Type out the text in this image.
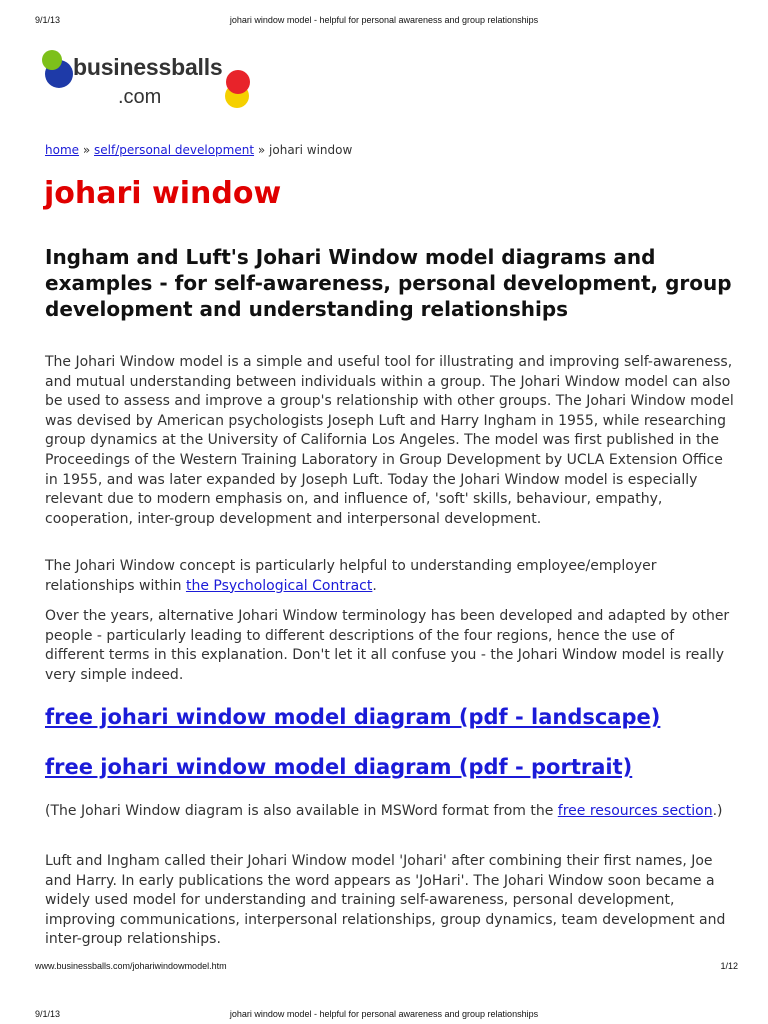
9/1/13	johari window model - helpful for personal awareness and group relationships
businessballs
.com
home » self/personal development » johari window
johari window
Ingham and Luft's Johari Window model diagrams and examples - for self-awareness, personal development, group development and understanding relationships

The Johari Window model is a simple and useful tool for illustrating and improving self-awareness, and mutual understanding between individuals within a group. The Johari Window model can also be used to assess and improve a group's relationship with other groups. The Johari Window model was devised by American psychologists Joseph Luft and Harry Ingham in 1955, while researching group dynamics at the University of California Los Angeles. The model was first published in the Proceedings of the Western Training Laboratory in Group Development by UCLA Extension Office in 1955, and was later expanded by Joseph Luft. Today the Johari Window model is especially relevant due to modern emphasis on, and influence of, 'soft' skills, behaviour, empathy, cooperation, inter-group development and interpersonal development.

The Johari Window concept is particularly helpful to understanding employee/employer relationships within the Psychological Contract.

Over the years, alternative Johari Window terminology has been developed and adapted by other people - particularly leading to different descriptions of the four regions, hence the use of different terms in this explanation. Don't let it all confuse you - the Johari Window model is really very simple indeed.

free johari window model diagram (pdf - landscape)

free johari window model diagram (pdf - portrait)

(The Johari Window diagram is also available in MSWord format from the free resources section.)

Luft and Ingham called their Johari Window model 'Johari' after combining their first names, Joe and Harry. In early publications the word appears as 'JoHari'. The Johari Window soon became a widely used model for understanding and training self-awareness, personal development, improving communications, interpersonal relationships, group dynamics, team development and inter-group relationships.

www.businessballs.com/johariwindowmodel.htm	1/12
9/1/13	johari window model - helpful for personal awareness and group relationships
